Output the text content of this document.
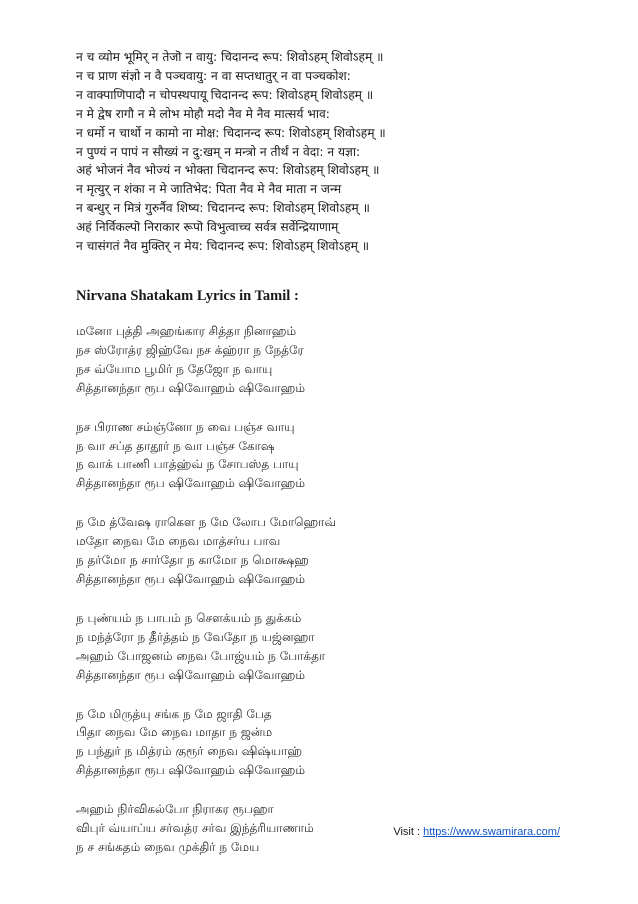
न च व्योम भूमिर् न तेजॊ न वायु: चिदानन्द रूप: शिवोऽहम् शिवोऽहम् ॥
न च प्राण संज्ञो न वै पञ्चवायु: न वा सप्तधातुर् न वा पञ्चकोश:
न वाक्पाणिपादौ न चोपस्थपायू चिदानन्द रूप: शिवोऽहम् शिवोऽहम् ॥
न मे द्वेष रागौ न मे लोभ मोहौ मदो नैव मे नैव मात्सर्य भाव:
न धर्मो न चार्थो न कामो ना मोक्ष: चिदानन्द रूप: शिवोऽहम् शिवोऽहम् ॥
न पुण्यं न पापं न सौख्यं न दु:खम् न मन्त्रो न तीर्थं न वेदा: न यज्ञा:
अहं भोजनं नैव भोज्यं न भोक्ता चिदानन्द रूप: शिवोऽहम् शिवोऽहम् ॥
न मृत्युर् न शंका न मे जातिभेद: पिता नैव मे नैव माता न जन्म
न बन्धुर् न मित्रं गुरुर्नैव शिष्य: चिदानन्द रूप: शिवोऽहम् शिवोऽहम् ॥
अहं निर्विकल्पॊ निराकार रूपॊ विभुत्वाच्च सर्वत्र सर्वेन्द्रियाणाम्
न चासंगतं नैव मुक्तिर् न मेय: चिदानन्द रूप: शिवोऽहम् शिवोऽहम् ॥
Nirvana Shatakam Lyrics in Tamil :
மனோ புத்தி அஹங்கார சித்தா நினாஹம்
நச ஸ்ரோத்ர ஜிஹ்வே நச க்ஹ்ரா ந நேத்ரே
நச வ்யோம பூமிர் ந தேஜோ ந வாயு
சித்தானந்தா ரூப ஷிவோஹம் ஷிவோஹம்
நச பிராண சம்ஞ்னோ ந வை பஞ்ச வாயு
ந வா சப்த தாதூர் ந வா பஞ்ச கோஷ
ந வாக் பாணி பாத்ஹ்வ் ந சோபஸ்த பாயு
சித்தானந்தா ரூப ஷிவோஹம் ஷிவோஹம்
ந மே த்வேஷ ராகௌ ந மே லோப மோஹொவ்
மதோ நைவ மே நைவ மாத்சர்ய பாவ
ந தர்மோ ந சார்தோ ந காமோ ந மொக்ஷஹ
சித்தானந்தா ரூப ஷிவோஹம் ஷிவோஹம்
ந புண்யம் ந பாபம் ந சௌக்யம் ந துக்கம்
ந மந்த்ரோ ந தீர்த்தம் ந வேதோ ந யஜ்னஹா
அஹம் போஜனம் நைவ போஜ்யம் ந போக்தா
சித்தானந்தா ரூப ஷிவோஹம் ஷிவோஹம்
ந மே மிருத்யு சங்க ந மே ஜாதி பேத
பிதா நைவ மே நைவ மாதா ந ஜன்ம
ந பந்துர் ந மித்ரம் குரூர் நைவ ஷிஷ்யாஹ்
சித்தானந்தா ரூப ஷிவோஹம் ஷிவோஹம்
அஹம் நிர்விகல்போ நிராகர ரூபஹா
விபுர் வ்யாப்ய சர்வத்ர சர்வ இந்த்ரியாணாம்
ந ச சங்கதம் நைவ முக்திர் ந மேய
Visit : https://www.swamirara.com/
